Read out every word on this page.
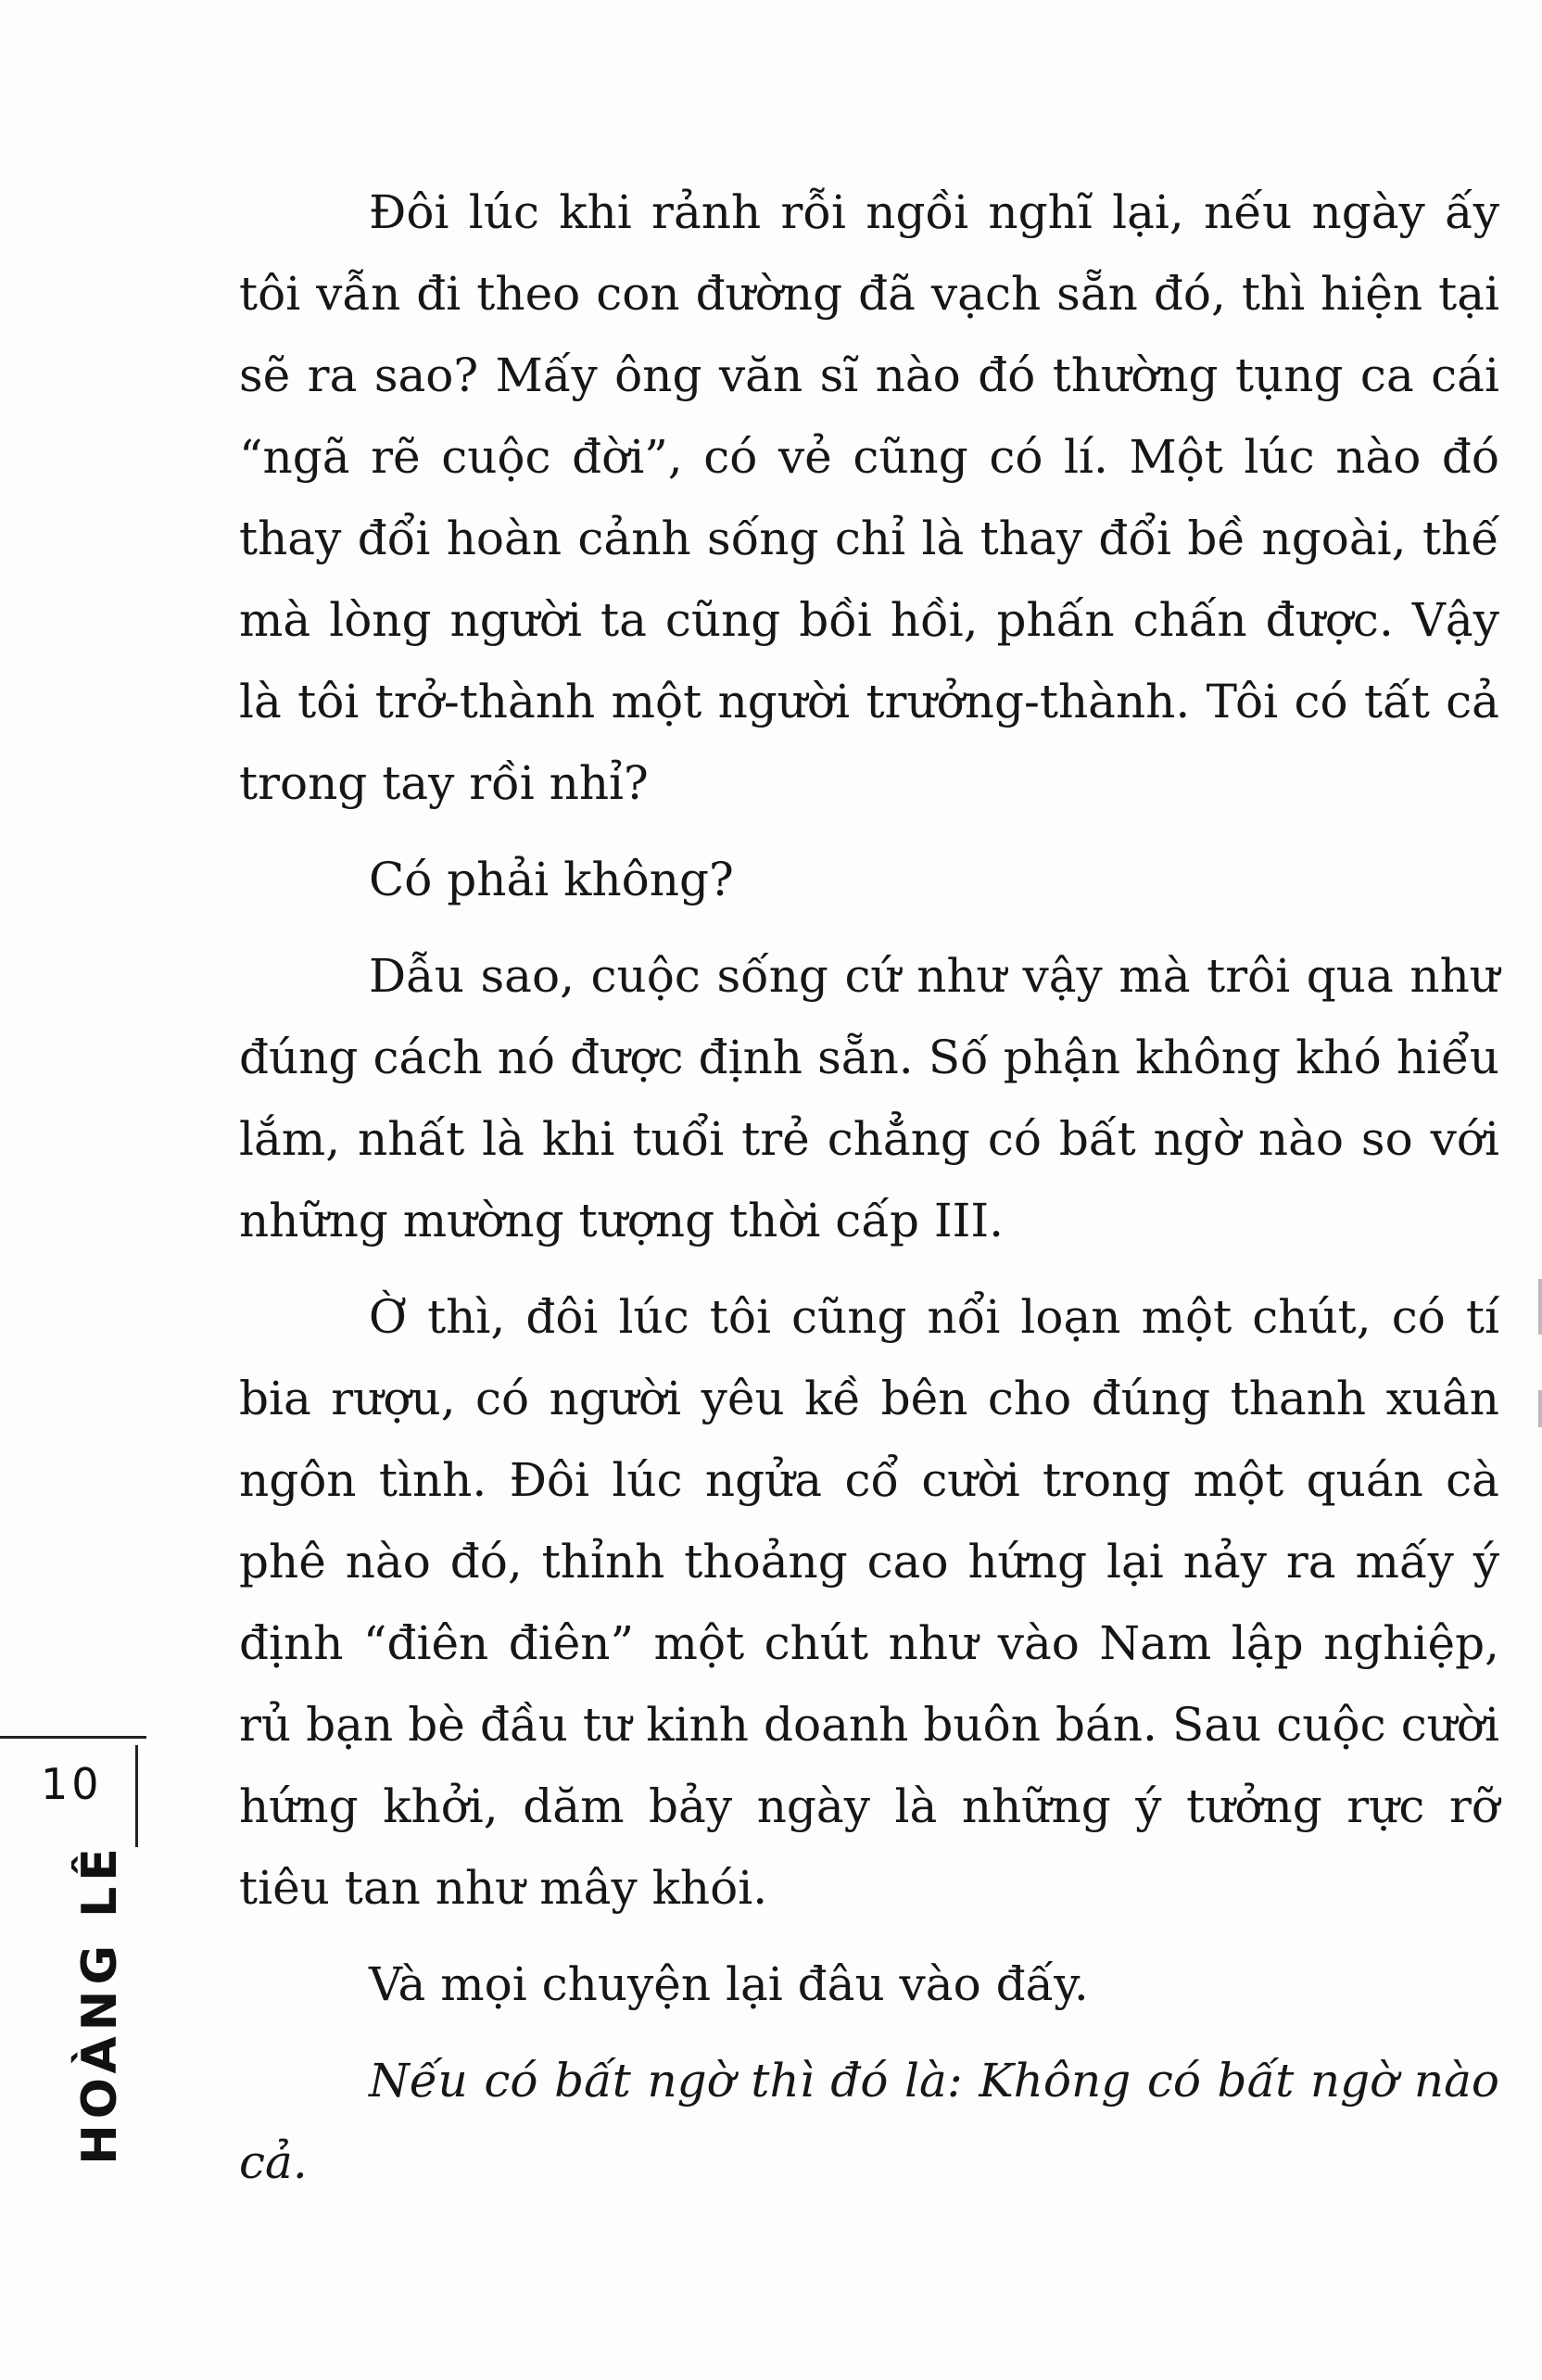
Đôi lúc khi rảnh rỗi ngồi nghĩ lại, nếu ngày ấy tôi vẫn đi theo con đường đã vạch sẵn đó, thì hiện tại sẽ ra sao? Mấy ông văn sĩ nào đó thường tụng ca cái “ngã rẽ cuộc đời”, có vẻ cũng có lí. Một lúc nào đó thay đổi hoàn cảnh sống chỉ là thay đổi bề ngoài, thế mà lòng người ta cũng bồi hồi, phấn chấn được. Vậy là tôi trở-thành một người trưởng-thành. Tôi có tất cả trong tay rồi nhỉ?

Có phải không?

Dẫu sao, cuộc sống cứ như vậy mà trôi qua như đúng cách nó được định sẵn. Số phận không khó hiểu lắm, nhất là khi tuổi trẻ chẳng có bất ngờ nào so với những mường tượng thời cấp III.

Ờ thì, đôi lúc tôi cũng nổi loạn một chút, có tí bia rượu, có người yêu kề bên cho đúng thanh xuân ngôn tình. Đôi lúc ngửa cổ cười trong một quán cà phê nào đó, thỉnh thoảng cao hứng lại nảy ra mấy ý định “điên điên” một chút như vào Nam lập nghiệp, rủ bạn bè đầu tư kinh doanh buôn bán. Sau cuộc cười hứng khởi, dăm bảy ngày là những ý tưởng rực rỡ tiêu tan như mây khói.

Và mọi chuyện lại đâu vào đấy.

Nếu có bất ngờ thì đó là: Không có bất ngờ nào cả.

10
HOÀNG LÊ
